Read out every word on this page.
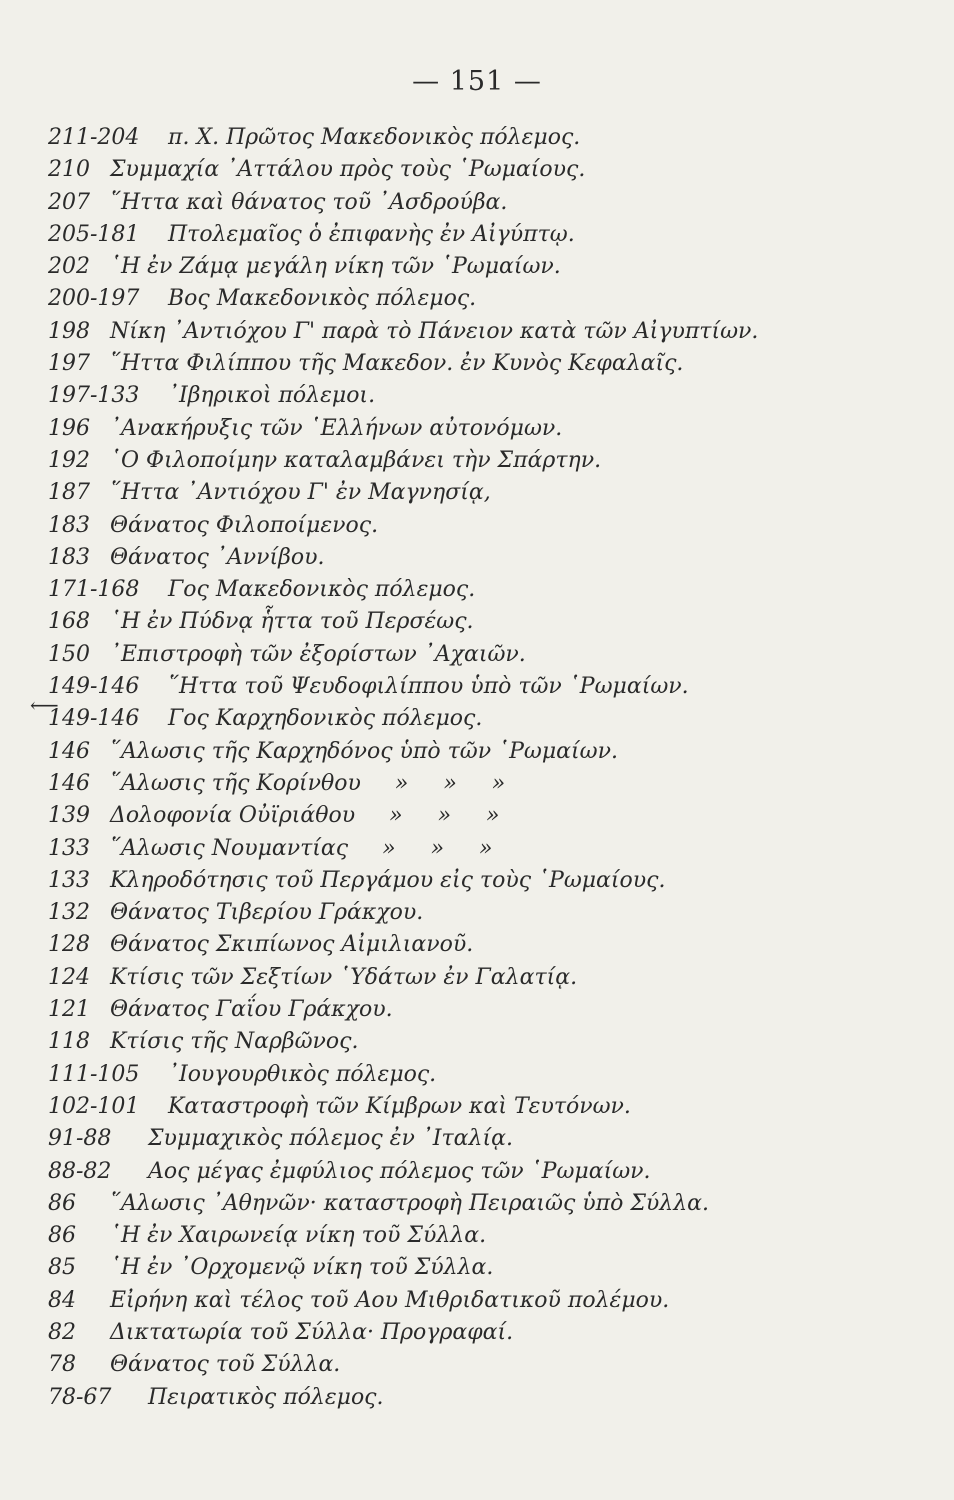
— 151 —
⟵
211-204	π. Χ. Πρῶτος Μακεδονικὸς πόλεμος.
210 Συμμαχία ᾿Αττάλου πρὸς τοὺς ῾Ρωμαίους.
207 ῞Ηττα καὶ θάνατος τοῦ ᾿Ασδρούβα.
205-181	Πτολεμαῖος ὁ ἐπιφανὴς ἐν Αἰγύπτῳ.
202 ῾Η ἐν Ζάμᾳ μεγάλη νίκη τῶν ῾Ρωμαίων.
200-197	Βος Μακεδονικὸς πόλεμος.
198 Νίκη ᾿Αντιόχου Γ' παρὰ τὸ Πάνειον κατὰ τῶν Αἰγυπτίων.
197 ῞Ηττα Φιλίππου τῆς Μακεδον. ἐν Κυνὸς Κεφαλαῖς.
197-133	᾿Ιβηρικοὶ πόλεμοι.
196 ᾿Ανακήρυξις τῶν ῾Ελλήνων αὐτονόμων.
192 ῾Ο Φιλοποίμην καταλαμβάνει τὴν Σπάρτην.
187 ῞Ηττα ᾿Αντιόχου Γ' ἐν Μαγνησίᾳ,
183 Θάνατος Φιλοποίμενος.
183 Θάνατος ᾿Αννίβου.
171-168	Γος Μακεδονικὸς πόλεμος.
168 ῾Η ἐν Πύδνᾳ ἧττα τοῦ Περσέως.
150 ᾿Επιστροφὴ τῶν ἐξορίστων ᾿Αχαιῶν.
149-146	῞Ηττα τοῦ Ψευδοφιλίππου ὑπὸ τῶν ῾Ρωμαίων.
149-146	Γος Καρχηδονικὸς πόλεμος.
146 ῞Αλωσις τῆς Καρχηδόνος ὑπὸ τῶν ῾Ρωμαίων.
146 ῞Αλωσις τῆς Κορίνθου » » »
139 Δολοφονία Οὐϊριάθου » » »
133 ῞Αλωσις Νουμαντίας » » »
133 Κληροδότησις τοῦ Περγάμου εἰς τοὺς ῾Ρωμαίους.
132 Θάνατος Τιβερίου Γράκχου.
128 Θάνατος Σκιπίωνος Αἰμιλιανοῦ.
124 Κτίσις τῶν Σεξτίων ῾Υδάτων ἐν Γαλατίᾳ.
121 Θάνατος Γαΐου Γράκχου.
118 Κτίσις τῆς Ναρβῶνος.
111-105	᾿Ιουγουρθικὸς πόλεμος.
102-101	Καταστροφὴ τῶν Κίμβρων καὶ Τευτόνων.
91-88	Συμμαχικὸς πόλεμος ἐν ᾿Ιταλίᾳ.
88-82	Αος μέγας ἐμφύλιος πόλεμος τῶν ῾Ρωμαίων.
86	῞Αλωσις ᾿Αθηνῶν· καταστροφὴ Πειραιῶς ὑπὸ Σύλλα.
86	῾Η ἐν Χαιρωνείᾳ νίκη τοῦ Σύλλα.
85	῾Η ἐν ᾿Ορχομενῷ νίκη τοῦ Σύλλα.
84	Εἰρήνη καὶ τέλος τοῦ Αου Μιθριδατικοῦ πολέμου.
82	Δικτατωρία τοῦ Σύλλα· Προγραφαί.
78	Θάνατος τοῦ Σύλλα.
78-67	Πειρατικὸς πόλεμος.
